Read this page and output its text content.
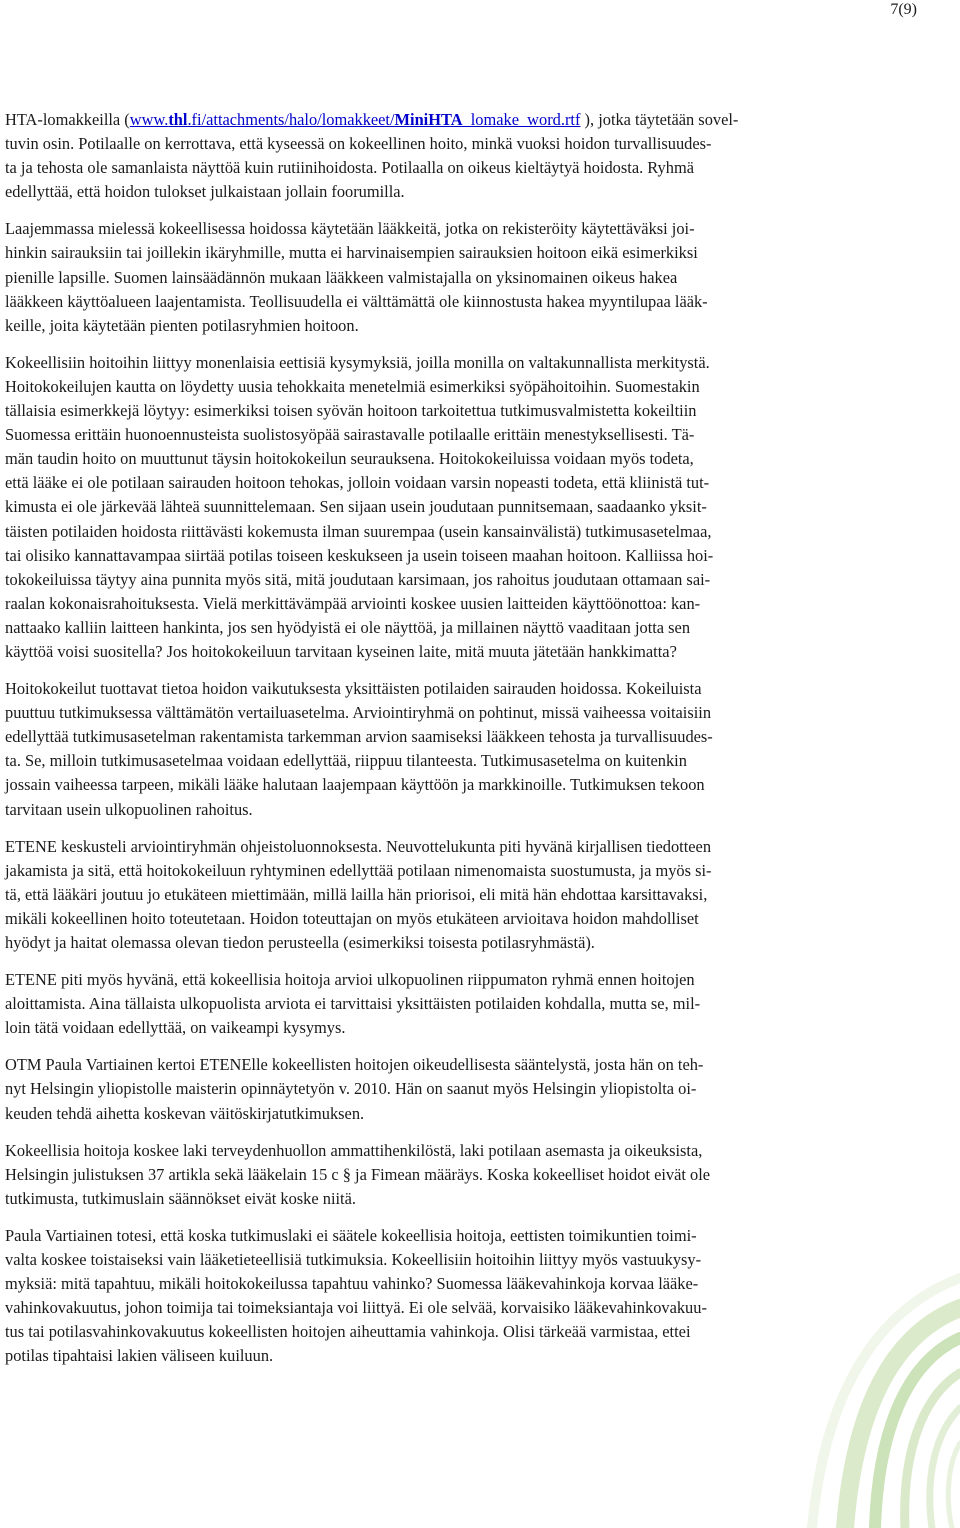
7(9)
HTA-lomakkeilla (www.thl.fi/attachments/halo/lomakkeet/MiniHTA_lomake_word.rtf ), jotka täytetään sovel-
tuvin osin. Potilaalle on kerrottava, että kyseessä on kokeellinen hoito, minkä vuoksi hoidon turvallisuudes-
ta ja tehosta ole samanlaista näyttöä kuin rutiinihoidosta. Potilaalla on oikeus kieltäytyä hoidosta. Ryhmä
edellyttää, että hoidon tulokset julkaistaan jollain foorumilla.
Laajemmassa mielessä kokeellisessa hoidossa käytetään lääkkeitä, jotka on rekisteröity käytettäväksi joi-
hinkin sairauksiin tai joillekin ikäryhmille, mutta ei harvinaisempien sairauksien hoitoon eikä esimerkiksi
pienille lapsille. Suomen lainsäädännön mukaan lääkkeen valmistajalla on yksinomainen oikeus hakea
lääkkeen käyttöalueen laajentamista. Teollisuudella ei välttämättä ole kiinnostusta hakea myyntilupaa lääk-
keille, joita käytetään pienten potilasryhmien hoitoon.
Kokeellisiin hoitoihin liittyy monenlaisia eettisiä kysymyksiä, joilla monilla on valtakunnallista merkitystä.
Hoitokokeilujen kautta on löydetty uusia tehokkaita menetelmiä esimerkiksi syöpähoitoihin. Suomestakin
tällaisia esimerkkejä löytyy: esimerkiksi toisen syövän hoitoon tarkoitettua tutkimusvalmistetta kokeiltiin
Suomessa erittäin huonoennusteista suolistosyöpää sairastavalle potilaalle erittäin menestyksellisesti. Tä-
män taudin hoito on muuttunut täysin hoitokokeilun seurauksena. Hoitokokeiluissa voidaan myös todeta,
että lääke ei ole potilaan sairauden hoitoon tehokas, jolloin voidaan varsin nopeasti todeta, että kliinistä tut-
kimusta ei ole järkevää lähteä suunnittelemaan. Sen sijaan usein joudutaan punnitsemaan, saadaanko yksit-
täisten potilaiden hoidosta riittävästi kokemusta ilman suurempaa (usein kansainvälistä) tutkimusasetelmaa,
tai olisiko kannattavampaa siirtää potilas toiseen keskukseen ja usein toiseen maahan hoitoon. Kalliissa hoi-
tokokeiluissa täytyy aina punnita myös sitä, mitä joudutaan karsimaan, jos rahoitus joudutaan ottamaan sai-
raalan kokonaisrahoituksesta. Vielä merkittävämpää arviointi koskee uusien laitteiden käyttöönottoa: kan-
nattaako kalliin laitteen hankinta, jos sen hyödyistä ei ole näyttöä, ja millainen näyttö vaaditaan jotta sen
käyttöä voisi suositella? Jos hoitokokeiluun tarvitaan kyseinen laite, mitä muuta jätetään hankkimatta?
Hoitokokeilut tuottavat tietoa hoidon vaikutuksesta yksittäisten potilaiden sairauden hoidossa. Kokeiluista
puuttuu tutkimuksessa välttämätön vertailuasetelma. Arviointiryhmä on pohtinut, missä vaiheessa voitaisiin
edellyttää tutkimusasetelman rakentamista tarkemman arvion saamiseksi lääkkeen tehosta ja turvallisuudes-
ta. Se, milloin tutkimusasetelmaa voidaan edellyttää, riippuu tilanteesta. Tutkimusasetelma on kuitenkin
jossain vaiheessa tarpeen, mikäli lääke halutaan laajempaan käyttöön ja markkinoille. Tutkimuksen tekoon
tarvitaan usein ulkopuolinen rahoitus.
ETENE keskusteli arviointiryhmän ohjeistoluonnoksesta. Neuvottelukunta piti hyvänä kirjallisen tiedotteen
jakamista ja sitä, että hoitokokeiluun ryhtyminen edellyttää potilaan nimenomaista suostumusta, ja myös si-
tä, että lääkäri joutuu jo etukäteen miettimään, millä lailla hän priorisoi, eli mitä hän ehdottaa karsittavaksi,
mikäli kokeellinen hoito toteutetaan. Hoidon toteuttajan on myös etukäteen arvioitava hoidon mahdolliset
hyödyt ja haitat olemassa olevan tiedon perusteella (esimerkiksi toisesta potilasryhmästä).
ETENE piti myös hyvänä, että kokeellisia hoitoja arvioi ulkopuolinen riippumaton ryhmä ennen hoitojen
aloittamista. Aina tällaista ulkopuolista arviota ei tarvittaisi yksittäisten potilaiden kohdalla, mutta se, mil-
loin tätä voidaan edellyttää, on vaikeampi kysymys.
OTM Paula Vartiainen kertoi ETENElle kokeellisten hoitojen oikeudellisesta sääntelystä, josta hän on teh-
nyt Helsingin yliopistolle maisterin opinnäytetyön v. 2010. Hän on saanut myös Helsingin yliopistolta oi-
keuden tehdä aihetta koskevan väitöskirjatutkimuksen.
Kokeellisia hoitoja koskee laki terveydenhuollon ammattihenkilöstä, laki potilaan asemasta ja oikeuksista,
Helsingin julistuksen 37 artikla sekä lääkelain 15 c § ja Fimean määräys. Koska kokeelliset hoidot eivät ole
tutkimusta, tutkimuslain säännökset eivät koske niitä.
Paula Vartiainen totesi, että koska tutkimuslaki ei säätele kokeellisia hoitoja, eettisten toimikuntien toimi-
valta koskee toistaiseksi vain lääketieteellisiä tutkimuksia. Kokeellisiin hoitoihin liittyy myös vastuukysy-
myksiä: mitä tapahtuu, mikäli hoitokokeilussa tapahtuu vahinko? Suomessa lääkevahinkoja korvaa lääke-
vahinkovakuutus, johon toimija tai toimeksiantaja voi liittyä. Ei ole selvää, korvaisiko lääkevahinkovakuu-
tus tai potilasvahinkovakuutus kokeellisten hoitojen aiheuttamia vahinkoja. Olisi tärkeää varmistaa, ettei
potilas tipahtaisi lakien väliseen kuiluun.
